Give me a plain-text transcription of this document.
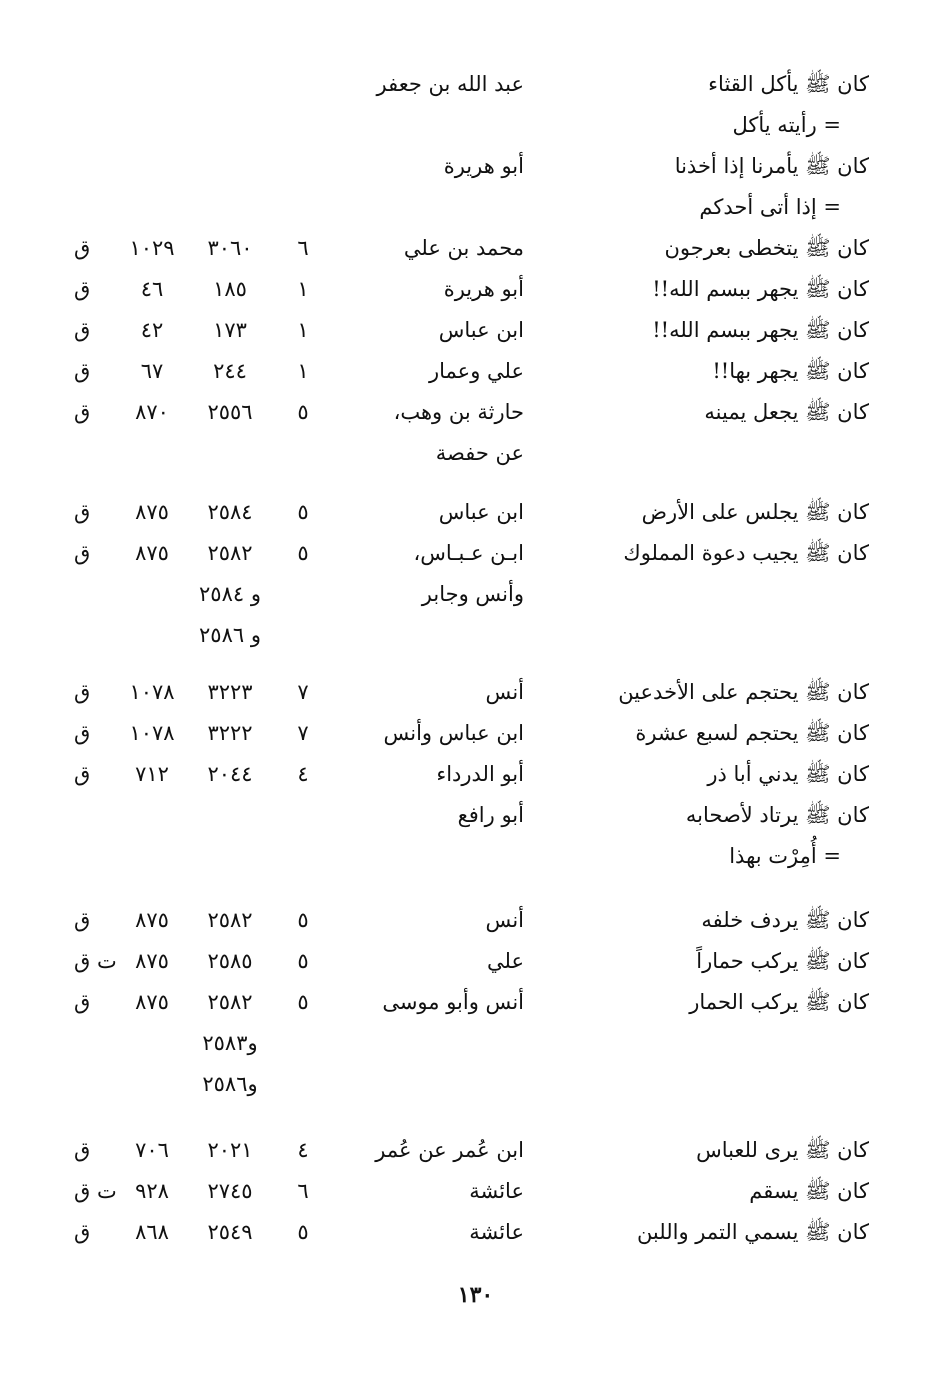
كان ﷺ يأكل القثاء
عبد الله بن جعفر
= رأيته يأكل
كان ﷺ يأمرنا إذا أخذنا
أبو هريرة
= إذا أتى أحدكم
كان ﷺ يتخطى بعرجون
محمد بن علي
٦
٣٠٦٠
١٠٢٩
ق
كان ﷺ يجهر ببسم الله!!
أبو هريرة
١
١٨٥
٤٦
ق
كان ﷺ يجهر ببسم الله!!
ابن عباس
١
١٧٣
٤٢
ق
كان ﷺ يجهر بها!!
علي وعمار
١
٢٤٤
٦٧
ق
كان ﷺ يجعل يمينه
حارثة بن وهب،
٥
٢٥٥٦
٨٧٠
ق
عن حفصة
كان ﷺ يجلس على الأرض
ابن عباس
٥
٢٥٨٤
٨٧٥
ق
كان ﷺ يجيب دعوة المملوك
ابـن عـبـاس،
٥
٢٥٨٢
٨٧٥
ق
وأنس وجابر
و ٢٥٨٤
و ٢٥٨٦
كان ﷺ يحتجم على الأخدعين
أنس
٧
٣٢٢٣
١٠٧٨
ق
كان ﷺ يحتجم لسبع عشرة
ابن عباس وأنس
٧
٣٢٢٢
١٠٧٨
ق
كان ﷺ يدني أبا ذر
أبو الدرداء
٤
٢٠٤٤
٧١٢
ق
كان ﷺ يرتاد لأصحابه
أبو رافع
= أُمِرْت بهذا
كان ﷺ يردف خلفه
أنس
٥
٢٥٨٢
٨٧٥
ق
كان ﷺ يركب حماراً
علي
٥
٢٥٨٥
٨٧٥
ت ق
كان ﷺ يركب الحمار
أنس وأبو موسى
٥
٢٥٨٢
٨٧٥
ق
و٢٥٨٣
و٢٥٨٦
كان ﷺ يرى للعباس
ابن عُمر عن عُمر
٤
٢٠٢١
٧٠٦
ق
كان ﷺ يسقم
عائشة
٦
٢٧٤٥
٩٢٨
ت ق
كان ﷺ يسمي التمر واللبن
عائشة
٥
٢٥٤٩
٨٦٨
ق
١٣٠
